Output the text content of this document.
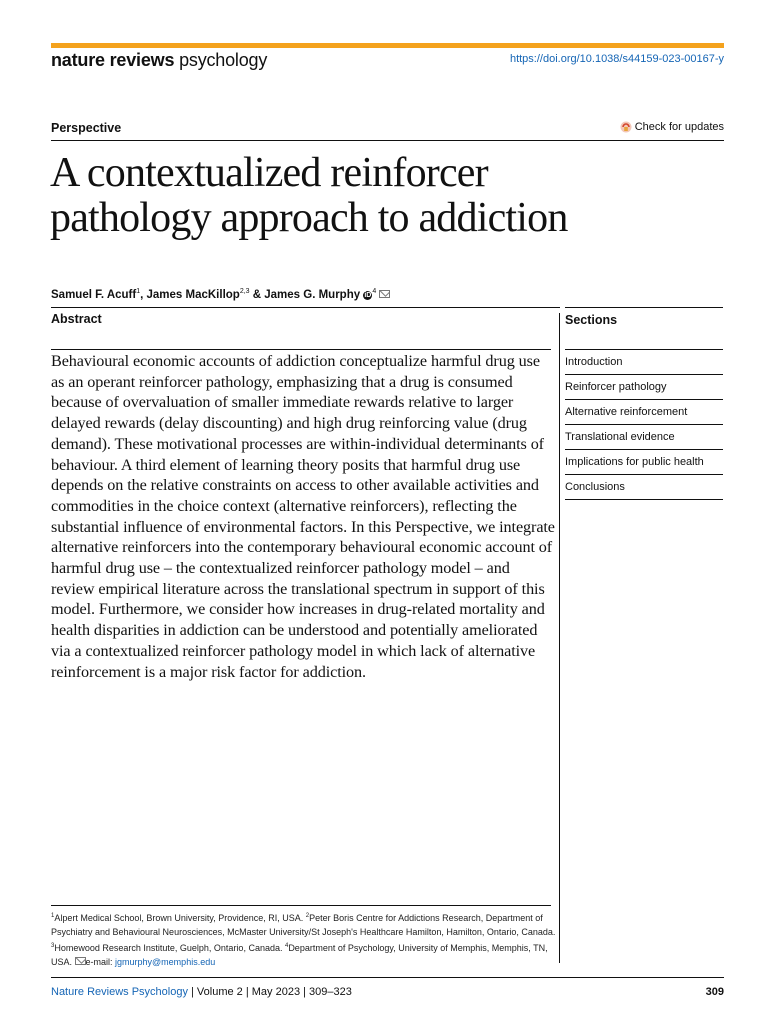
nature reviews psychology	https://doi.org/10.1038/s44159-023-00167-y
Perspective	Check for updates
A contextualized reinforcer
pathology approach to addiction
Samuel F. Acuff$^1$, James MacKillop$^{2,3}$ & James G. Murphy $iD^4$
Abstract

Behavioural economic accounts of addiction conceptualize harmful drug use as an operant reinforcer pathology, emphasizing that a drug is consumed because of overvaluation of smaller immediate rewards relative to larger delayed rewards (delay discounting) and high drug reinforcing value (drug demand). These motivational processes are within-individual determinants of behaviour. A third element of learning theory posits that harmful drug use depends on the relative constraints on access to other available activities and commodities in the choice context (alternative reinforcers), reflecting the substantial influence of environmental factors. In this Perspective, we integrate alternative reinforcers into the contemporary behavioural economic account of harmful drug use – the contextualized reinforcer pathology model – and review empirical literature across the translational spectrum in support of this model. Furthermore, we consider how increases in drug-related mortality and health disparities in addiction can be understood and potentially ameliorated via a contextualized reinforcer pathology model in which lack of alternative reinforcement is a major risk factor for addiction.

Sections
Introduction
Reinforcer pathology
Alternative reinforcement
Translational evidence
Implications for public health
Conclusions

$^1$Alpert Medical School, Brown University, Providence, RI, USA. $^2$Peter Boris Centre for Addictions Research, Department of Psychiatry and Behavioural Neurosciences, McMaster University/St Joseph's Healthcare Hamilton, Hamilton, Ontario, Canada. $^3$Homewood Research Institute, Guelph, Ontario, Canada. $^4$Department of Psychology, University of Memphis, Memphis, TN, USA. e-mail: jgmurphy@memphis.edu

Nature Reviews Psychology | Volume 2 | May 2023 | 309–323	309
